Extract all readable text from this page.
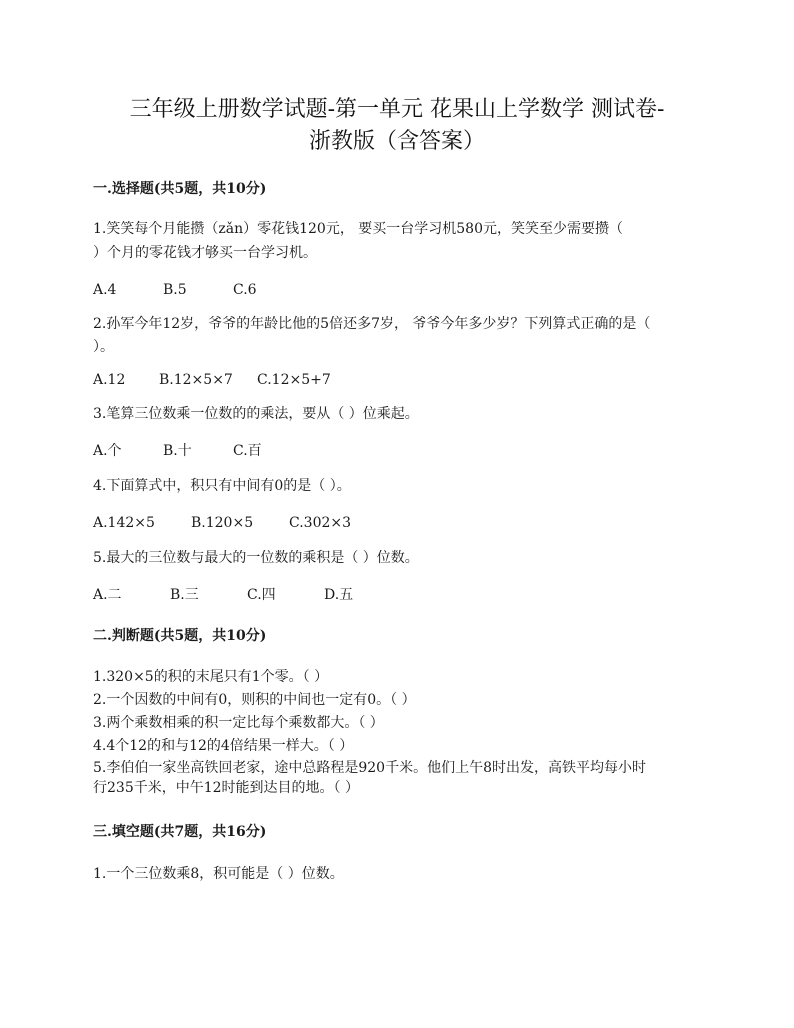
三年级上册数学试题-第一单元 花果山上学数学 测试卷-
浙教版（含答案）
一.选择题(共5题，共10分)
1.笑笑每个月能攒（zǎn）零花钱120元， 要买一台学习机580元，笑笑至少需要攒（
）个月的零花钱才够买一台学习机。
A.4	B.5	C.6
2.孙军今年12岁，爷爷的年龄比他的5倍还多7岁， 爷爷今年多少岁？下列算式正确的是（
）。
A.12 B.12×5×7 C.12×5+7
3.笔算三位数乘一位数的的乘法，要从（ ）位乘起。
A.个	B.十	C.百
4.下面算式中，积只有中间有0的是（ ）。
A.142×5	B.120×5	C.302×3
5.最大的三位数与最大的一位数的乘积是（ ）位数。
A.二	B.三	C.四	D.五
二.判断题(共5题，共10分)
1.320×5的积的末尾只有1个零。（ ）
2.一个因数的中间有0，则积的中间也一定有0。（ ）
3.两个乘数相乘的积一定比每个乘数都大。（ ）
4.4个12的和与12的4倍结果一样大。（ ）
5.李伯伯一家坐高铁回老家，途中总路程是920千米。他们上午8时出发，高铁平均每小时
行235千米，中午12时能到达目的地。（ ）
三.填空题(共7题，共16分)
1.一个三位数乘8，积可能是（ ）位数。
